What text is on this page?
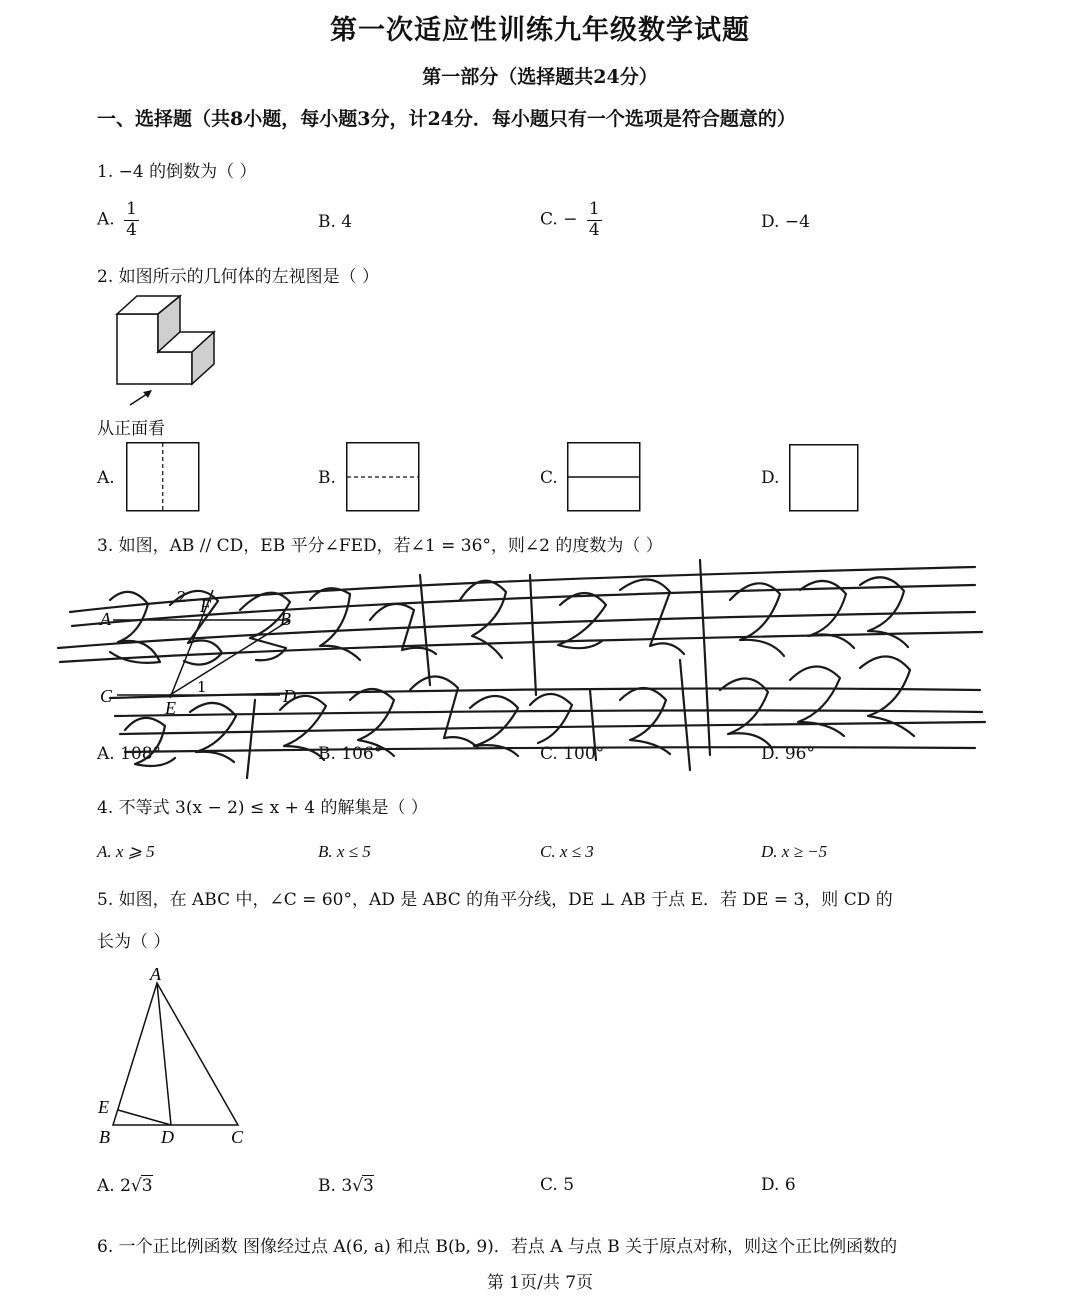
第一次适应性训练九年级数学试题
第一部分（选择题共24分）
一、选择题（共8小题，每小题3分，计24分．每小题只有一个选项是符合题意的）
1. −4 的倒数为（ ）
A. $\frac{1}{4}$	B. 4	C. − $\frac{1}{4}$	D. −4
2. 如图所示的几何体的左视图是（ ）
从正面看
A.	B.	C.	D.
3. 如图，AB // CD，EB 平分∠FED，若∠1 = 36°，则∠2 的度数为（ ）
A	B
C	D
E
F
1
2
A. 108°	B. 106°	C. 100°	D. 96°
4. 不等式 3(x − 2) ≤ x + 4 的解集是（ ）
A. x ⩾ 5	B. x ≤ 5	C. x ≤ 3	D. x ≥ −5
5. 如图，在 ABC 中，∠C = 60°，AD 是 ABC 的角平分线，DE ⊥ AB 于点 E．若 DE = 3，则 CD 的
长为（ ）
A
E
B	D	C
A. 2√3	B. 3√3	C. 5	D. 6
6. 一个正比例函数 图像经过点 A(6, a) 和点 B(b, 9)．若点 A 与点 B 关于原点对称，则这个正比例函数的
第 1页/共 7页
